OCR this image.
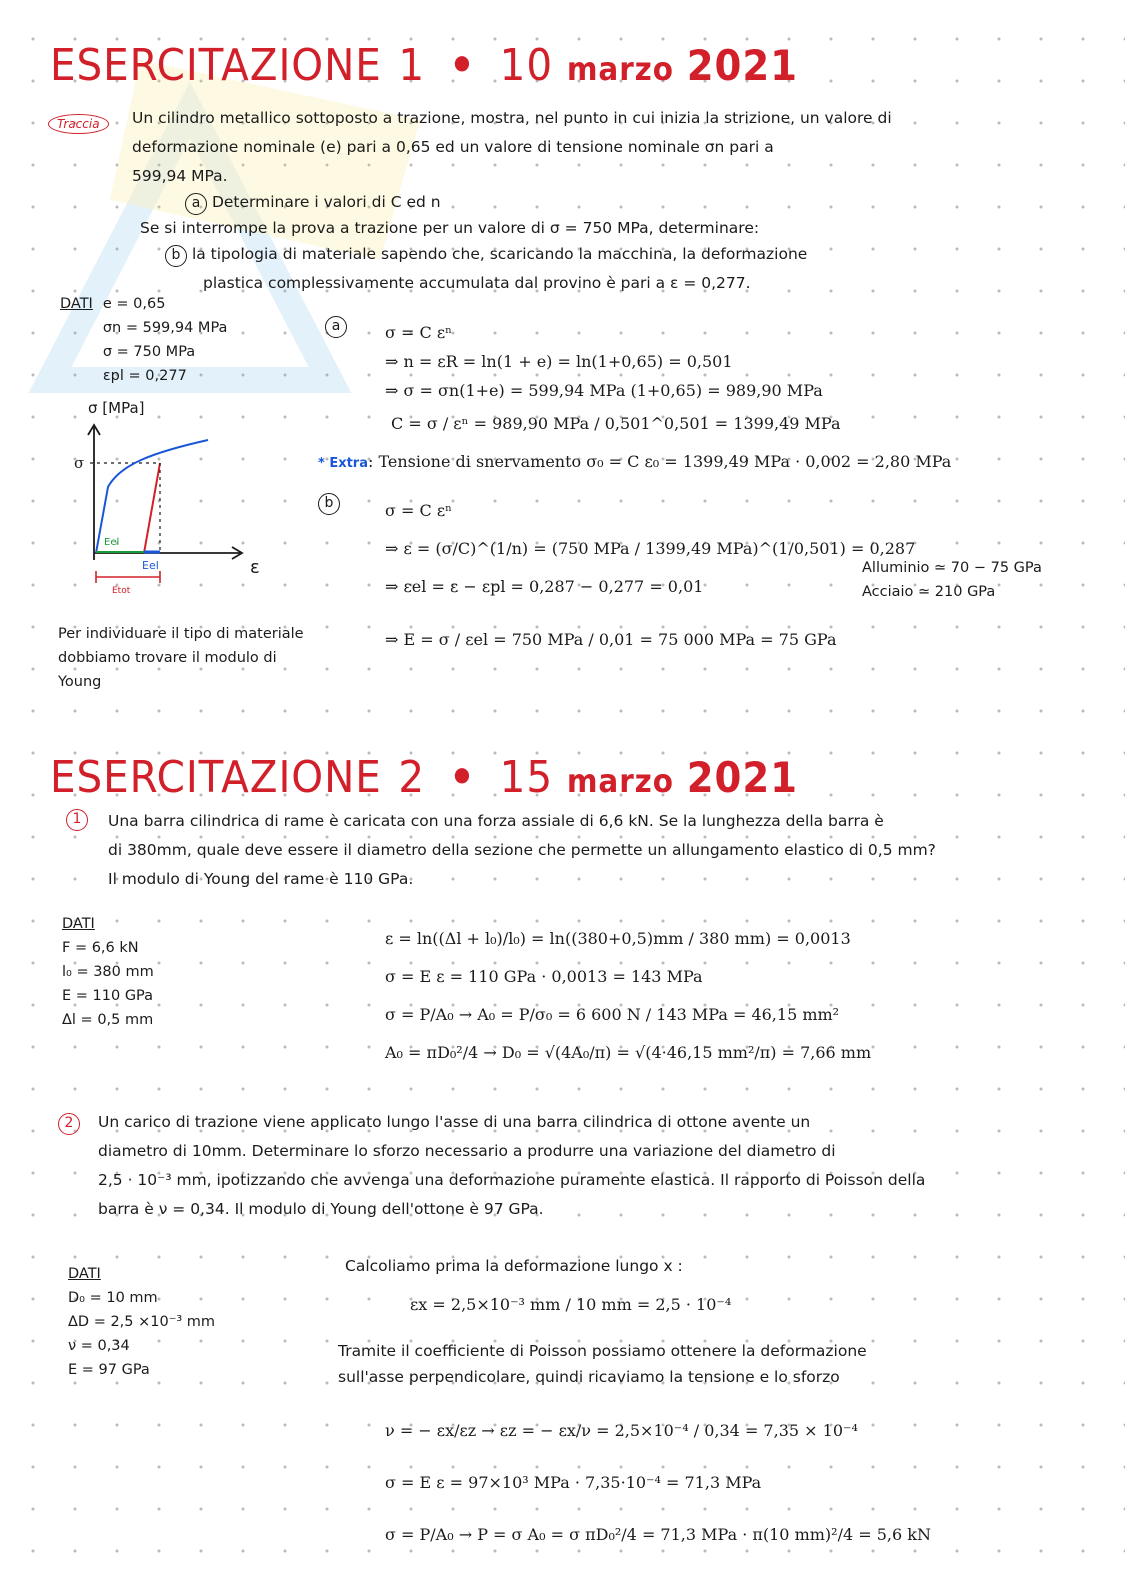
ESERCITAZIONE 1 • 10 marzo 2021
Traccia	Un cilindro metallico sottoposto a trazione, mostra, nel punto in cui inizia la strizione, un valore di
deformazione nominale (e) pari a 0,65 ed un valore di tensione nominale σn pari a
599,94 MPa.
a Determinare i valori di C ed n
Se si interrompe la prova a trazione per un valore di σ = 750 MPa, determinare:
b la tipologia di materiale sapendo che, scaricando la macchina, la deformazione
plastica complessivamente accumulata dal provino è pari a ε = 0,277.
DATI e = 0,65
σn = 599,94 MPa
σ = 750 MPa
εpl = 0,277
σ [MPa]
ε
σ
Eel
Eel
Etot
a	σ = C εⁿ
⇒ n = εR = ln(1 + e) = ln(1+0,65) = 0,501
⇒ σ = σn(1+e) = 599,94 MPa (1+0,65) = 989,90 MPa
C = σ / εⁿ = 989,90 MPa / 0,501^0,501 = 1399,49 MPa
* Extra: Tensione di snervamento σ₀ = C ε₀ = 1399,49 MPa · 0,002 = 2,80 MPa
b	σ = C εⁿ
⇒ ε = (σ/C)^(1/n) = (750 MPa / 1399,49 MPa)^(1/0,501) = 0,287
⇒ εel = ε − εpl = 0,287 − 0,277 = 0,01
Alluminio ≃ 70 − 75 GPa
Acciaio ≃ 210 GPa
Per individuare il tipo di materiale
dobbiamo trovare il modulo di
Young
⇒ E = σ / εel = 750 MPa / 0,01 = 75 000 MPa = 75 GPa
ESERCITAZIONE 2 • 15 marzo 2021
1	Una barra cilindrica di rame è caricata con una forza assiale di 6,6 kN. Se la lunghezza della barra è
di 380mm, quale deve essere il diametro della sezione che permette un allungamento elastico di 0,5 mm?
Il modulo di Young del rame è 110 GPa.
DATI
F = 6,6 kN
l₀ = 380 mm
E = 110 GPa
Δl = 0,5 mm
ε = ln((Δl + l₀)/l₀) = ln((380+0,5)mm / 380 mm) = 0,0013
σ = E ε = 110 GPa · 0,0013 = 143 MPa
σ = P/A₀ → A₀ = P/σ₀ = 6 600 N / 143 MPa = 46,15 mm²
A₀ = πD₀²/4 → D₀ = √(4A₀/π) = √(4·46,15 mm²/π) = 7,66 mm
2	Un carico di trazione viene applicato lungo l'asse di una barra cilindrica di ottone avente un
diametro di 10mm. Determinare lo sforzo necessario a produrre una variazione del diametro di
2,5 · 10⁻³ mm, ipotizzando che avvenga una deformazione puramente elastica. Il rapporto di Poisson della
barra è ν = 0,34. Il modulo di Young dell'ottone è 97 GPa.
DATI
D₀ = 10 mm
ΔD = 2,5 ×10⁻³ mm
ν = 0,34
E = 97 GPa
Calcoliamo prima la deformazione lungo x :
εx = 2,5×10⁻³ mm / 10 mm = 2,5 · 10⁻⁴
Tramite il coefficiente di Poisson possiamo ottenere la deformazione
sull'asse perpendicolare, quindi ricaviamo la tensione e lo sforzo
ν = − εx/εz → εz = − εx/ν = 2,5×10⁻⁴ / 0,34 = 7,35 × 10⁻⁴
σ = E ε = 97×10³ MPa · 7,35·10⁻⁴ = 71,3 MPa
σ = P/A₀ → P = σ A₀ = σ πD₀²/4 = 71,3 MPa · π(10 mm)²/4 = 5,6 kN
